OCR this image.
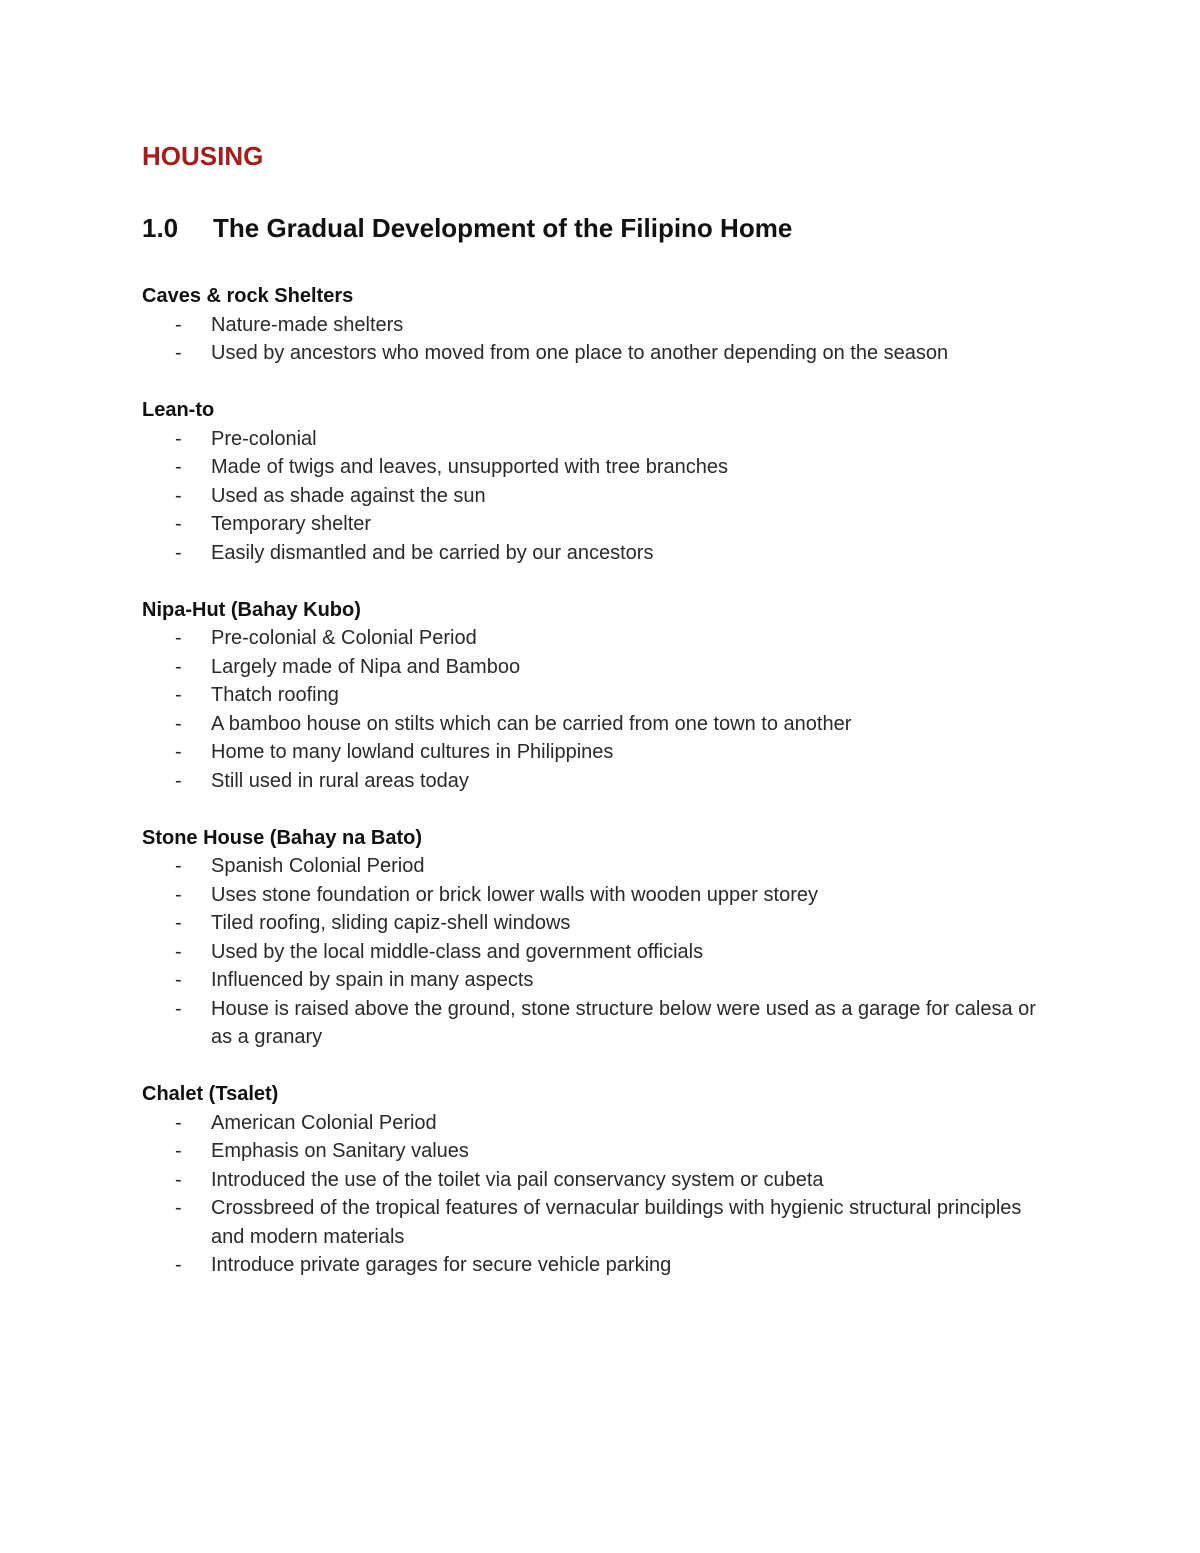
HOUSING
1.0	The Gradual Development of the Filipino Home
Caves & rock Shelters
- Nature-made shelters
- Used by ancestors who moved from one place to another depending on the season
Lean-to
- Pre-colonial
- Made of twigs and leaves, unsupported with tree branches
- Used as shade against the sun
- Temporary shelter
- Easily dismantled and be carried by our ancestors
Nipa-Hut (Bahay Kubo)
- Pre-colonial & Colonial Period
- Largely made of Nipa and Bamboo
- Thatch roofing
- A bamboo house on stilts which can be carried from one town to another
- Home to many lowland cultures in Philippines
- Still used in rural areas today
Stone House (Bahay na Bato)
- Spanish Colonial Period
- Uses stone foundation or brick lower walls with wooden upper storey
- Tiled roofing, sliding capiz-shell windows
- Used by the local middle-class and government officials
- Influenced by spain in many aspects
- House is raised above the ground, stone structure below were used as a garage for calesa or as a granary
Chalet (Tsalet)
- American Colonial Period
- Emphasis on Sanitary values
- Introduced the use of the toilet via pail conservancy system or cubeta
- Crossbreed of the tropical features of vernacular buildings with hygienic structural principles and modern materials
- Introduce private garages for secure vehicle parking
